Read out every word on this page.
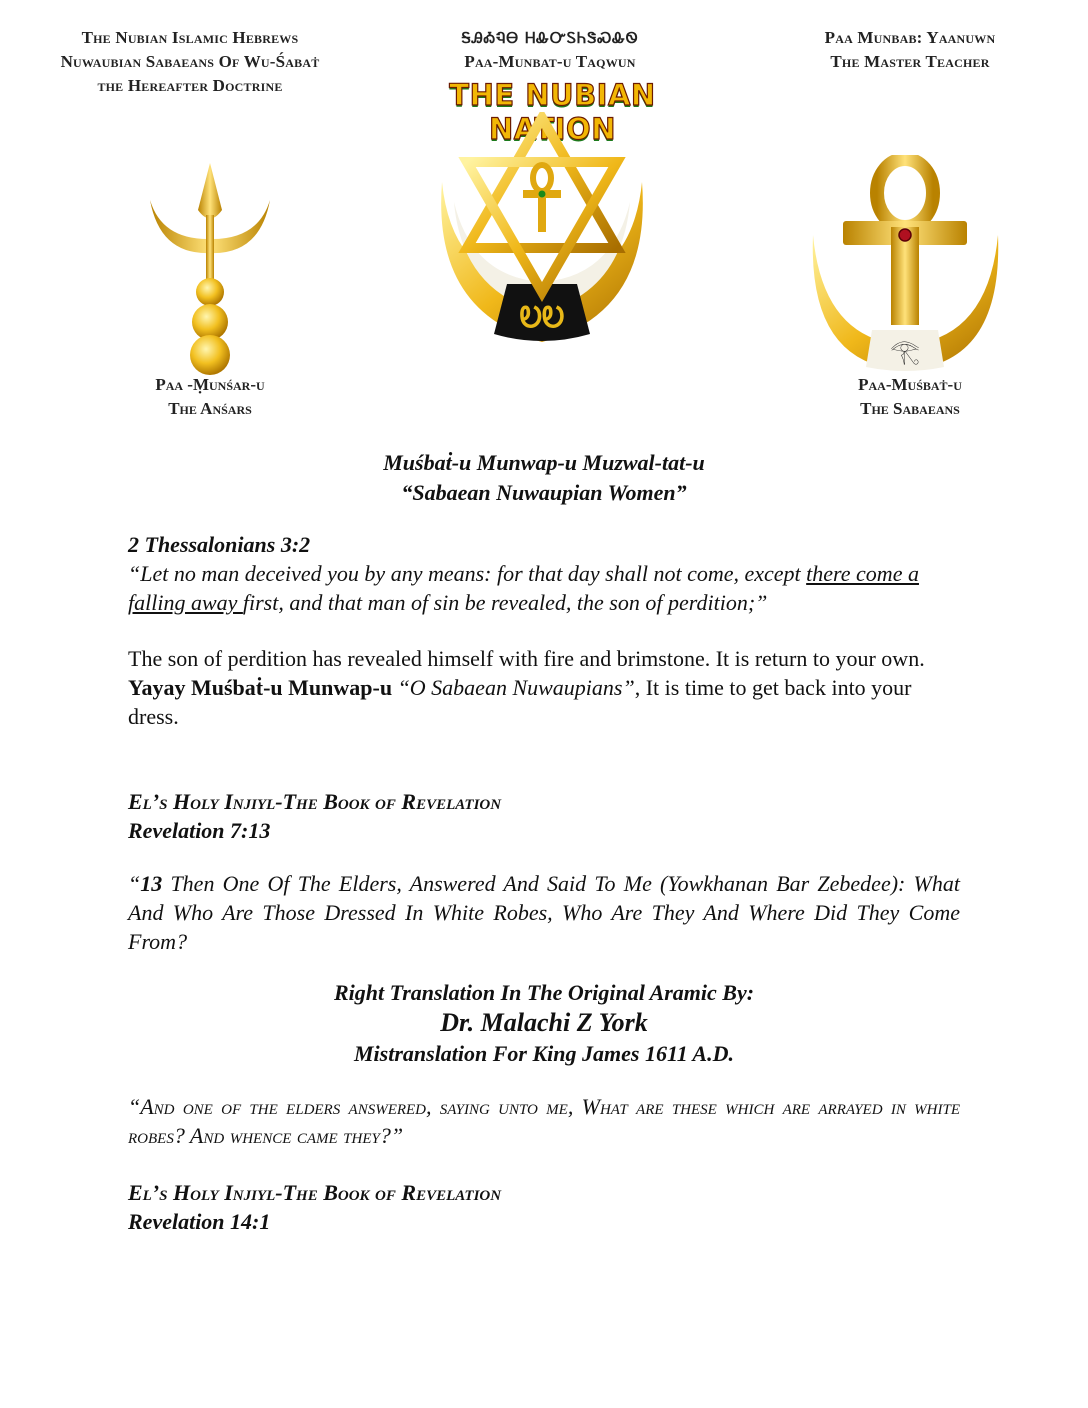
The Nubian Islamic Hebrews
Nuwaubian Sabaeans Of Wu-Śabaṫ
the Hereafter Doctrine
ᎦᎯᎣᏄᎾ ᎻᎲᏅᏚᏂᏕᏍᎲᏫ
Paa-Munbat-u Taqwun
THE NUBIAN NATION
Paa Munbab: Yaanuwn
The Master Teacher
ᎧᎧ
𓂀
Paa -Ṃunśar-u
The Anśars
Paa-Muśbaṫ-u
The Sabaeans
Muśbaṫ-u Munwap-u Muzwal-tat-u
“Sabaean Nuwaupian Women”

2 Thessalonians 3:2

“Let no man deceived you by any means: for that day shall not come, except there come a falling away first, and that man of sin be revealed, the son of perdition;”

The son of perdition has revealed himself with fire and brimstone. It is return to your own.

Yayay Muśbaṫ-u Munwap-u “O Sabaean Nuwaupians”, It is time to get back into your dress.

El’s Holy Injiyl-The Book of Revelation

Revelation 7:13

“13 Then One Of The Elders, Answered And Said To Me (Yowkhanan Bar Zebedee): What And Who Are Those Dressed In White Robes, Who Are They And Where Did They Come From?

Right Translation In The Original Aramic By:

Dr. Malachi Z York

Mistranslation For King James 1611 A.D.

“And one of the elders answered, saying unto me, What are these which are arrayed in white robes? And whence came they?”

El’s Holy Injiyl-The Book of Revelation

Revelation 14:1
